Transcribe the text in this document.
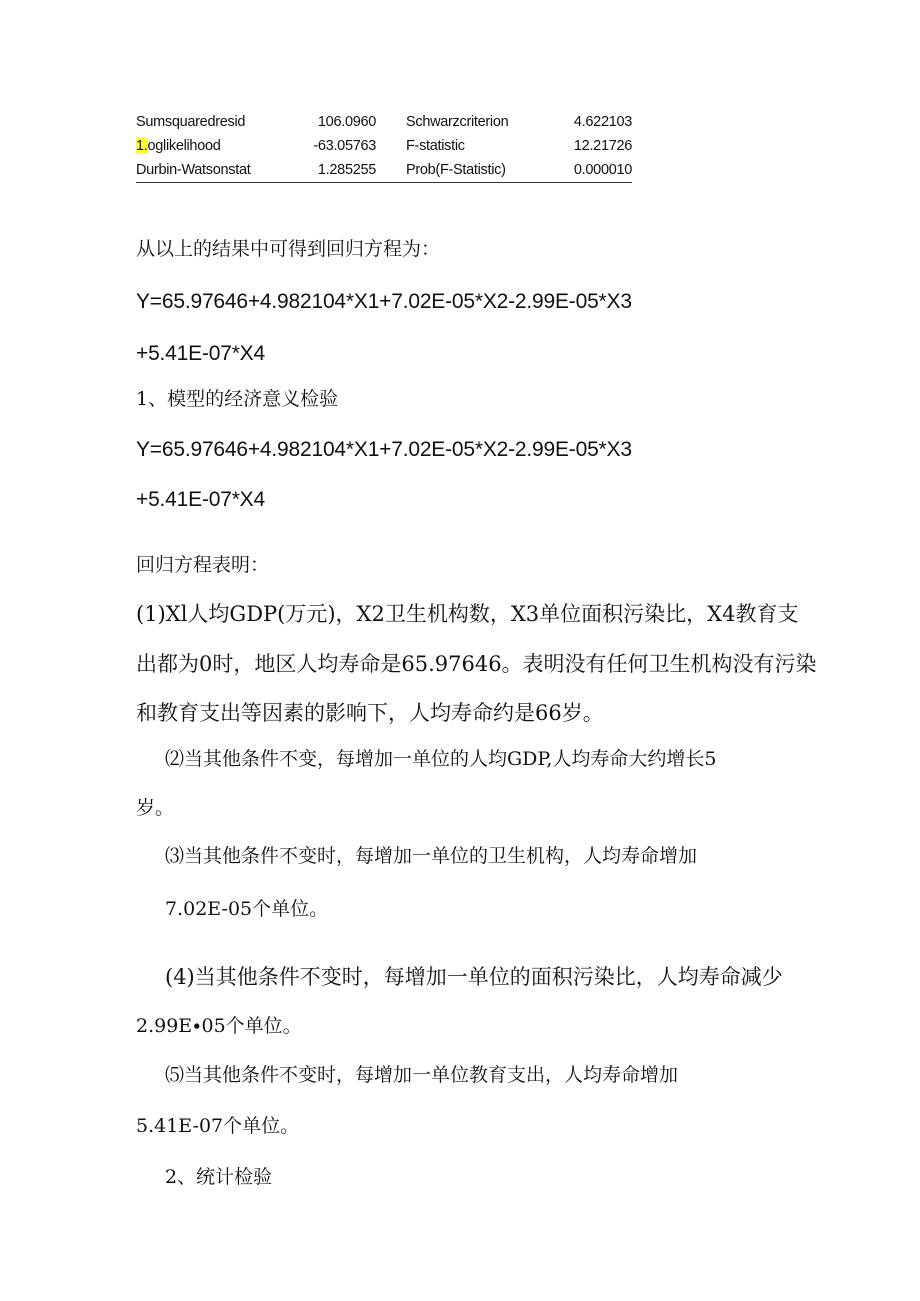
Sumsquaredresid	106.0960	Schwarzcriterion	4.622103
1.oglikelihood	-63.05763	F-statistic	12.21726
Durbin-Watsonstat	1.285255	Prob(F-Statistic)	0.000010
从以上的结果中可得到回归方程为：
Y=65.97646+4.982104*X1+7.02E-05*X2-2.99E-05*X3
+5.41E-07*X4
1、模型的经济意义检验
Y=65.97646+4.982104*X1+7.02E-05*X2-2.99E-05*X3
+5.41E-07*X4
回归方程表明：
(1)Xl人均GDP(万元)，X2卫生机构数，X3单位面积污染比，X4教育支
出都为0时，地区人均寿命是65.97646。表明没有任何卫生机构没有污染
和教育支出等因素的影响下，人均寿命约是66岁。
⑵当其他条件不变，每增加一单位的人均GDP,人均寿命大约增长5
岁。
⑶当其他条件不变时，每增加一单位的卫生机构，人均寿命增加
7.02E-05个单位。
(4)当其他条件不变时，每增加一单位的面积污染比，人均寿命减少
2.99E∙05个单位。
⑸当其他条件不变时，每增加一单位教育支出，人均寿命增加
5.41E-07个单位。
2、统计检验
